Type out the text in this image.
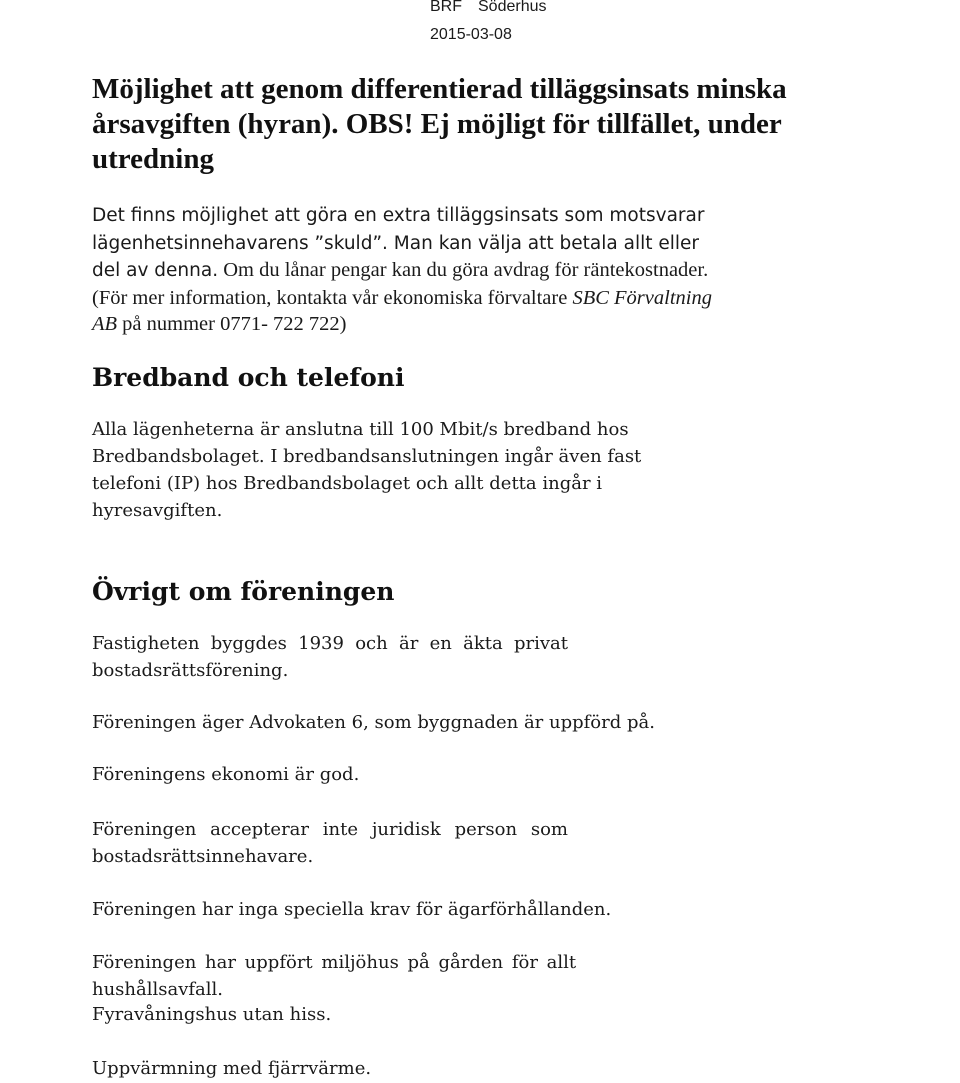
BRF Söderhus
2015-03-08
Möjlighet att genom differentierad tilläggsinsats minska årsavgiften (hyran). OBS! Ej möjligt för tillfället, under utredning
Det finns möjlighet att göra en extra tilläggsinsats som motsvarar lägenhetsinnehavarens ”skuld”. Man kan välja att betala allt eller del av denna. Om du lånar pengar kan du göra avdrag för räntekostnader. (För mer information, kontakta vår ekonomiska förvaltare SBC Förvaltning AB på nummer 0771- 722 722)
Bredband och telefoni
Alla lägenheterna är anslutna till 100 Mbit/s bredband hos Bredbandsbolaget. I bredbandsanslutningen ingår även fast telefoni (IP) hos Bredbandsbolaget och allt detta ingår i hyresavgiften.
Övrigt om föreningen
Fastigheten byggdes 1939 och är en äkta privat bostadsrättsförening.
Föreningen äger Advokaten 6, som byggnaden är uppförd på.
Föreningens ekonomi är god.
Föreningen accepterar inte juridisk person som bostadsrättsinnehavare.
Föreningen har inga speciella krav för ägarförhållanden.
Föreningen har uppfört miljöhus på gården för allt hushållsavfall.
Fyravåningshus utan hiss.
Uppvärmning med fjärrvärme.
